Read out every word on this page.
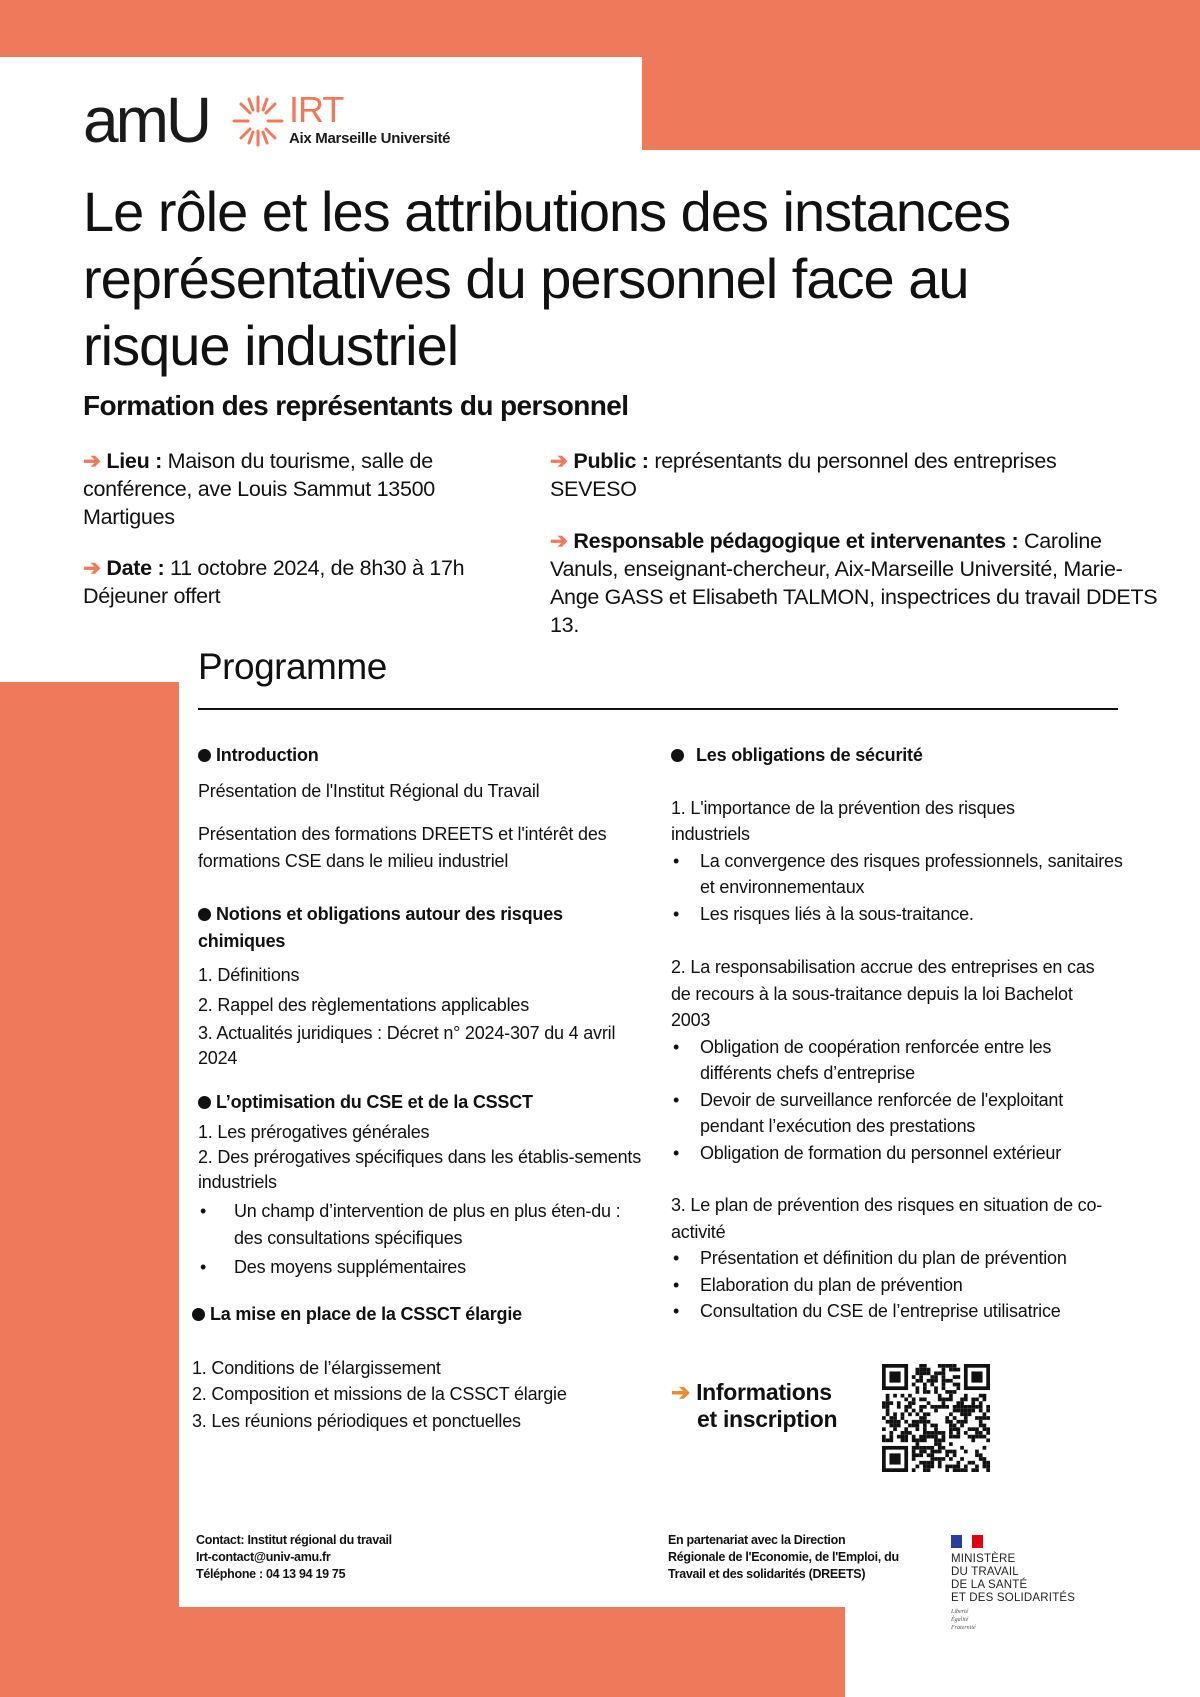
amU IRT
Aix Marseille Université
Le rôle et les attributions des instances
représentatives du personnel face au
risque industriel
Formation des représentants du personnel
➔ Lieu : Maison du tourisme, salle de conférence, ave Louis Sammut 13500 Martigues
➔ Date : 11 octobre 2024, de 8h30 à 17h
Déjeuner offert
➔ Public : représentants du personnel des entreprises SEVESO
➔ Responsable pédagogique et intervenantes : Caroline Vanuls, enseignant-chercheur, Aix-Marseille Université, Marie-Ange GASS et Elisabeth TALMON, inspectrices du travail DDETS 13.
Programme
Introduction
Présentation de l'Institut Régional du Travail
Présentation des formations DREETS et l'intérêt des formations CSE dans le milieu industriel
Notions et obligations autour des risques chimiques
1. Définitions
2. Rappel des règlementations applicables
3. Actualités juridiques : Décret n° 2024-307 du 4 avril 2024
L’optimisation du CSE et de la CSSCT
1. Les prérogatives générales
2. Des prérogatives spécifiques dans les établis-sements industriels
• Un champ d’intervention de plus en plus éten-du : des consultations spécifiques
• Des moyens supplémentaires
La mise en place de la CSSCT élargie
1. Conditions de l’élargissement
2. Composition et missions de la CSSCT élargie
3. Les réunions périodiques et ponctuelles
Les obligations de sécurité
1. L'importance de la prévention des risques industriels
• La convergence des risques professionnels, sanitaires et environnementaux
• Les risques liés à la sous-traitance.
2. La responsabilisation accrue des entreprises en cas de recours à la sous-traitance depuis la loi Bachelot 2003
• Obligation de coopération renforcée entre les différents chefs d’entreprise
• Devoir de surveillance renforcée de l'exploitant pendant l’exécution des prestations
• Obligation de formation du personnel extérieur
3. Le plan de prévention des risques en situation de co-activité
• Présentation et définition du plan de prévention
• Elaboration du plan de prévention
• Consultation du CSE de l’entreprise utilisatrice
➔ Informations
et inscription
Contact: Institut régional du travail
Irt-contact@univ-amu.fr
Téléphone : 04 13 94 19 75
En partenariat avec la Direction
Régionale de l'Economie, de l'Emploi, du
Travail et des solidarités (DREETS)
MINISTÈRE
DU TRAVAIL
DE LA SANTÉ
ET DES SOLIDARITÉS
Liberté
Égalité
Fraternité
